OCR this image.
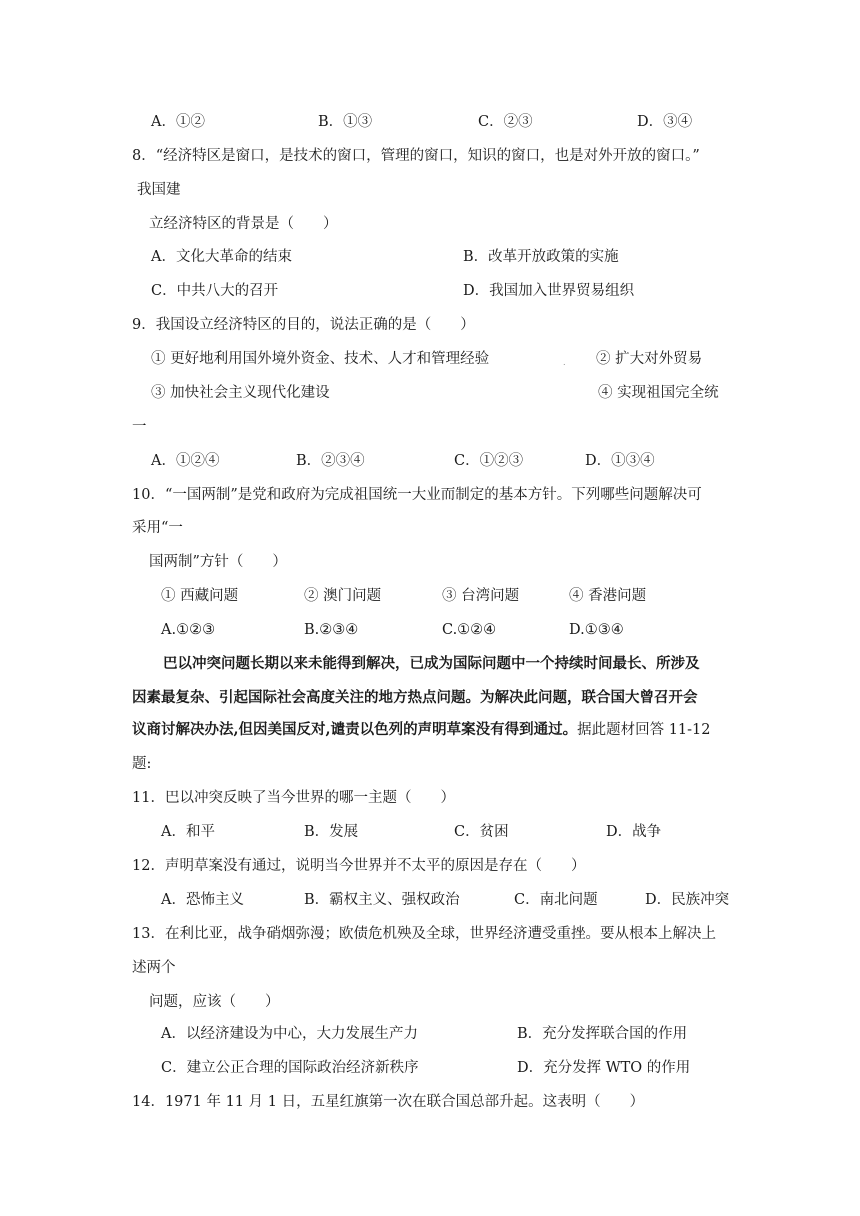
A．①②	B．①③	C．②③	D．③④
8．“经济特区是窗口，是技术的窗口，管理的窗口，知识的窗口，也是对外开放的窗口。”
我国建
立经济特区的背景是（　　）
A．文化大革命的结束	B．改革开放政策的实施
C．中共八大的召开	D．我国加入世界贸易组织
9．我国设立经济特区的目的，说法正确的是（　　）
① 更好地利用国外境外资金、技术、人才和管理经验	. ② 扩大对外贸易
③ 加快社会主义现代化建设	④ 实现祖国完全统
一
A．①②④	B．②③④	C．①②③	D．①③④
10．“一国两制”是党和政府为完成祖国统一大业而制定的基本方针。下列哪些问题解决可
采用“一
国两制”方针（　　）
① 西藏问题	② 澳门问题	③ 台湾问题	④ 香港问题
A.①②③	B.②③④	C.①②④	D.①③④
巴以冲突问题长期以来未能得到解决，已成为国际问题中一个持续时间最长、所涉及
因素最复杂、引起国际社会高度关注的地方热点问题。为解决此问题，联合国大曾召开会
议商讨解决办法,但因美国反对,谴责以色列的声明草案没有得到通过。据此题材回答 11-12
题:
11．巴以冲突反映了当今世界的哪一主题（　　）
A．和平	B．发展	C．贫困	D．战争
12．声明草案没有通过，说明当今世界并不太平的原因是存在（　　）
A．恐怖主义	B．霸权主义、强权政治	C．南北问题	D．民族冲突
13．在利比亚，战争硝烟弥漫；欧债危机殃及全球，世界经济遭受重挫。要从根本上解决上
述两个
问题，应该（　　）
A．以经济建设为中心，大力发展生产力	B．充分发挥联合国的作用
C．建立公正合理的国际政治经济新秩序	D．充分发挥 WTO 的作用
14．1971 年 11 月 1 日，五星红旗第一次在联合国总部升起。这表明（　　）
